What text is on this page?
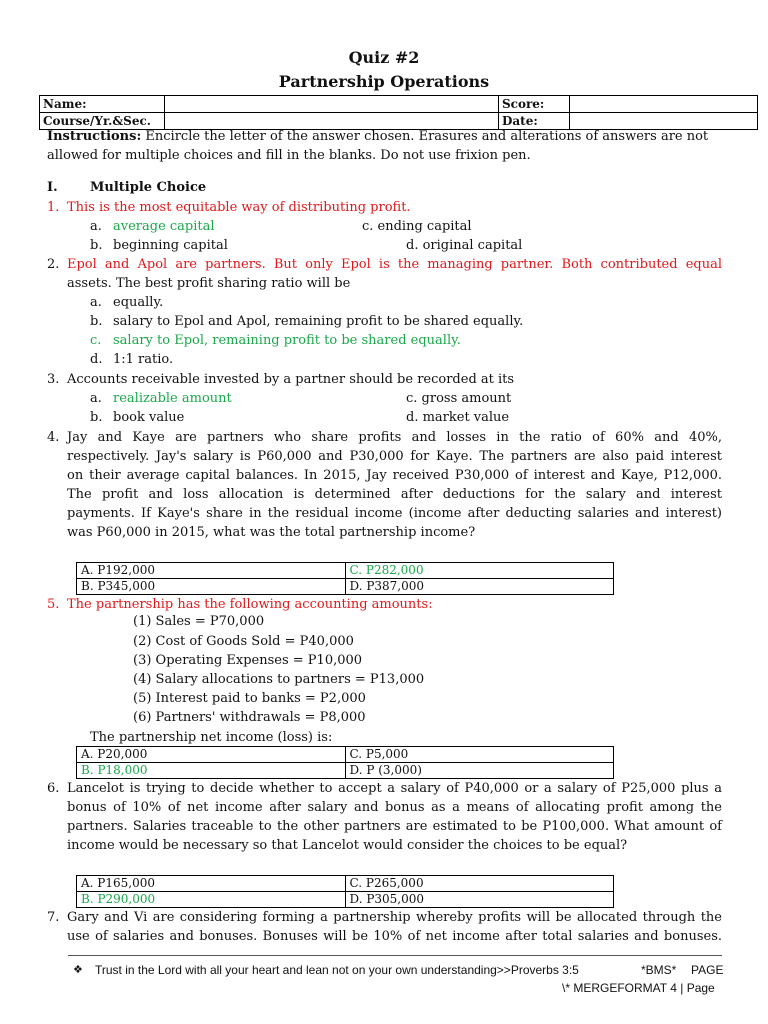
Quiz #2
Partnership Operations
Name:		Score:	
Course/Yr.&Sec.		Date:	
Instructions: Encircle the letter of the answer chosen. Erasures and alterations of answers are not
allowed for multiple choices and fill in the blanks. Do not use frixion pen.
I. Multiple Choice
1. This is the most equitable way of distributing profit.
a. average capital	c. ending capital
b. beginning capital	d. original capital
2. Epol and Apol are partners. But only Epol is the managing partner. Both contributed equal
assets. The best profit sharing ratio will be
a. equally.
b. salary to Epol and Apol, remaining profit to be shared equally.
c. salary to Epol, remaining profit to be shared equally.
d. 1:1 ratio.
3. Accounts receivable invested by a partner should be recorded at its
a. realizable amount	c. gross amount
b. book value	d. market value
4. Jay and Kaye are partners who share profits and losses in the ratio of 60% and 40%,
respectively. Jay's salary is P60,000 and P30,000 for Kaye. The partners are also paid interest
on their average capital balances. In 2015, Jay received P30,000 of interest and Kaye, P12,000.
The profit and loss allocation is determined after deductions for the salary and interest
payments. If Kaye's share in the residual income (income after deducting salaries and interest)
was P60,000 in 2015, what was the total partnership income?
A. P192,000	C. P282,000
B. P345,000	D. P387,000
5. The partnership has the following accounting amounts:
(1) Sales = P70,000
(2) Cost of Goods Sold = P40,000
(3) Operating Expenses = P10,000
(4) Salary allocations to partners = P13,000
(5) Interest paid to banks = P2,000
(6) Partners' withdrawals = P8,000
The partnership net income (loss) is:
A. P20,000	C. P5,000
B. P18,000	D. P (3,000)
6. Lancelot is trying to decide whether to accept a salary of P40,000 or a salary of P25,000 plus a
bonus of 10% of net income after salary and bonus as a means of allocating profit among the
partners. Salaries traceable to the other partners are estimated to be P100,000. What amount of
income would be necessary so that Lancelot would consider the choices to be equal?
A. P165,000	C. P265,000
B. P290,000	D. P305,000
7. Gary and Vi are considering forming a partnership whereby profits will be allocated through the
use of salaries and bonuses. Bonuses will be 10% of net income after total salaries and bonuses.
❖ Trust in the Lord with all your heart and lean not on your own understanding>>Proverbs 3:5	*BMS* PAGE
\* MERGEFORMAT 4 | Page
